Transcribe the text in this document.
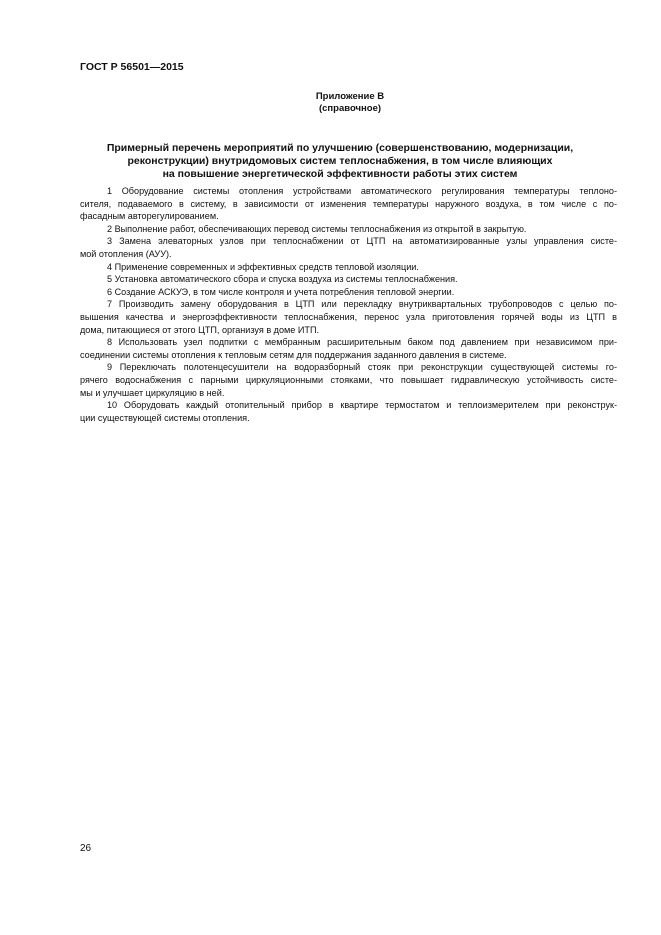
ГОСТ Р 56501—2015
Приложение В
(справочное)
Примерный перечень мероприятий по улучшению (совершенствованию, модернизации,
реконструкции) внутридомовых систем теплоснабжения, в том числе влияющих
на повышение энергетической эффективности работы этих систем
1 Оборудование системы отопления устройствами автоматического регулирования температуры теплоно-
сителя, подаваемого в систему, в зависимости от изменения температуры наружного воздуха, в том числе с по-
фасадным авторегулированием.
2 Выполнение работ, обеспечивающих перевод системы теплоснабжения из открытой в закрытую.
3 Замена элеваторных узлов при теплоснабжении от ЦТП на автоматизированные узлы управления систе-
мой отопления (АУУ).
4 Применение современных и эффективных средств тепловой изоляции.
5 Установка автоматического сбора и спуска воздуха из системы теплоснабжения.
6 Создание АСКУЭ, в том числе контроля и учета потребления тепловой энергии.
7 Производить замену оборудования в ЦТП или перекладку внутриквартальных трубопроводов с целью по-
вышения качества и энергоэффективности теплоснабжения, перенос узла приготовления горячей воды из ЦТП в
дома, питающиеся от этого ЦТП, организуя в доме ИТП.
8 Использовать узел подпитки с мембранным расширительным баком под давлением при независимом при-
соединении системы отопления к тепловым сетям для поддержания заданного давления в системе.
9 Переключать полотенцесушители на водоразборный стояк при реконструкции существующей системы го-
рячего водоснабжения с парными циркуляционными стояками, что повышает гидравлическую устойчивость систе-
мы и улучшает циркуляцию в ней.
10 Оборудовать каждый отопительный прибор в квартире термостатом и теплоизмерителем при реконструк-
ции существующей системы отопления.
26
